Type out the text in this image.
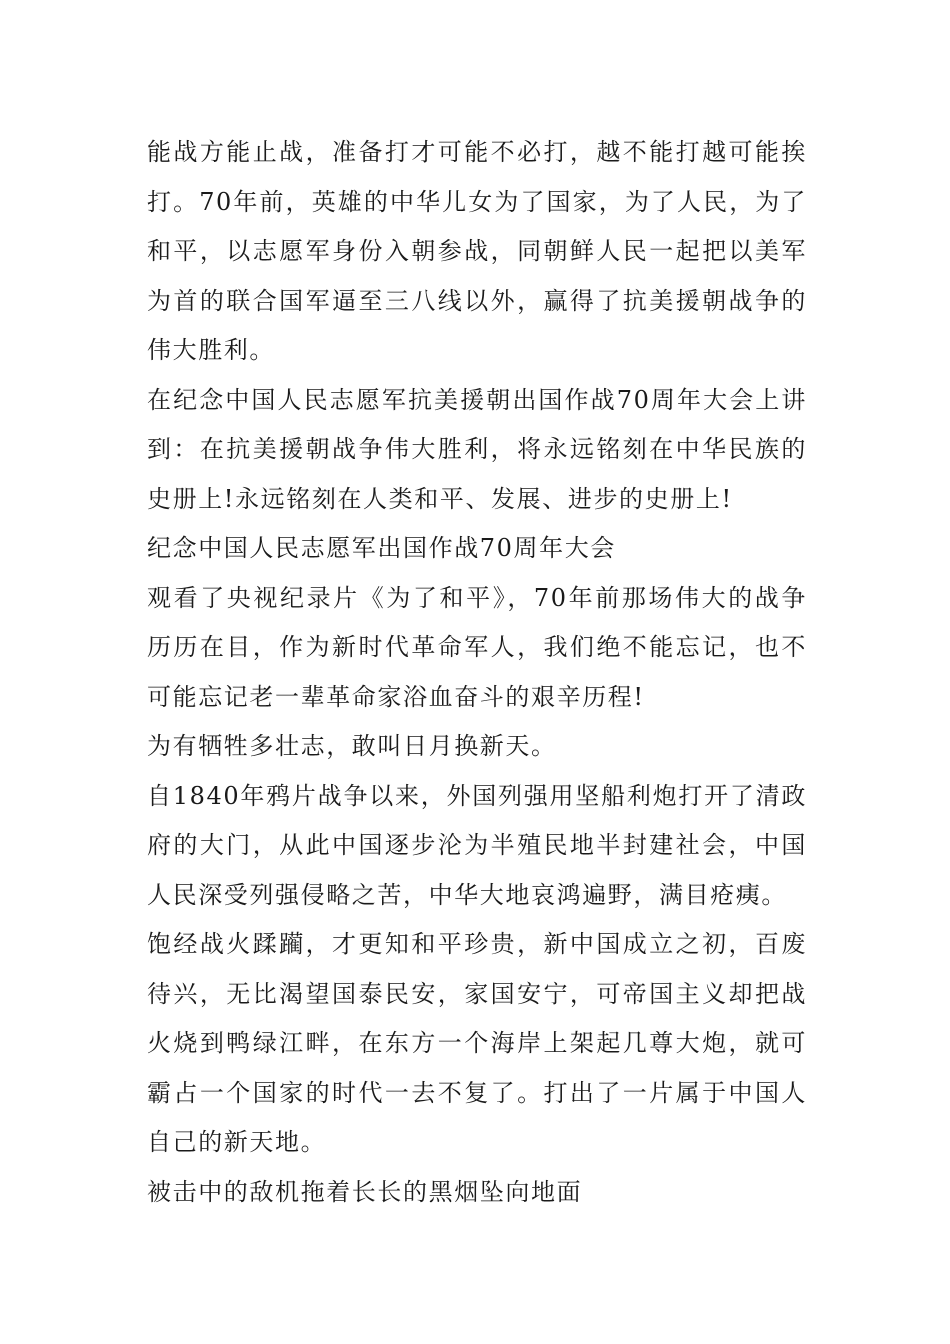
能战方能止战，准备打才可能不必打，越不能打越可能挨打。70年前，英雄的中华儿女为了国家，为了人民，为了和平，以志愿军身份入朝参战，同朝鲜人民一起把以美军为首的联合国军逼至三八线以外，赢得了抗美援朝战争的伟大胜利。

在纪念中国人民志愿军抗美援朝出国作战70周年大会上讲到：在抗美援朝战争伟大胜利，将永远铭刻在中华民族的史册上!永远铭刻在人类和平、发展、进步的史册上!

纪念中国人民志愿军出国作战70周年大会

观看了央视纪录片《为了和平》，70年前那场伟大的战争历历在目，作为新时代革命军人，我们绝不能忘记，也不可能忘记老一辈革命家浴血奋斗的艰辛历程!

为有牺牲多壮志，敢叫日月换新天。

自1840年鸦片战争以来，外国列强用坚船利炮打开了清政府的大门，从此中国逐步沦为半殖民地半封建社会，中国人民深受列强侵略之苦，中华大地哀鸿遍野，满目疮痍。

饱经战火蹂躏，才更知和平珍贵，新中国成立之初，百废待兴，无比渴望国泰民安，家国安宁，可帝国主义却把战火烧到鸭绿江畔，在东方一个海岸上架起几尊大炮，就可霸占一个国家的时代一去不复了。打出了一片属于中国人自己的新天地。

被击中的敌机拖着长长的黑烟坠向地面
